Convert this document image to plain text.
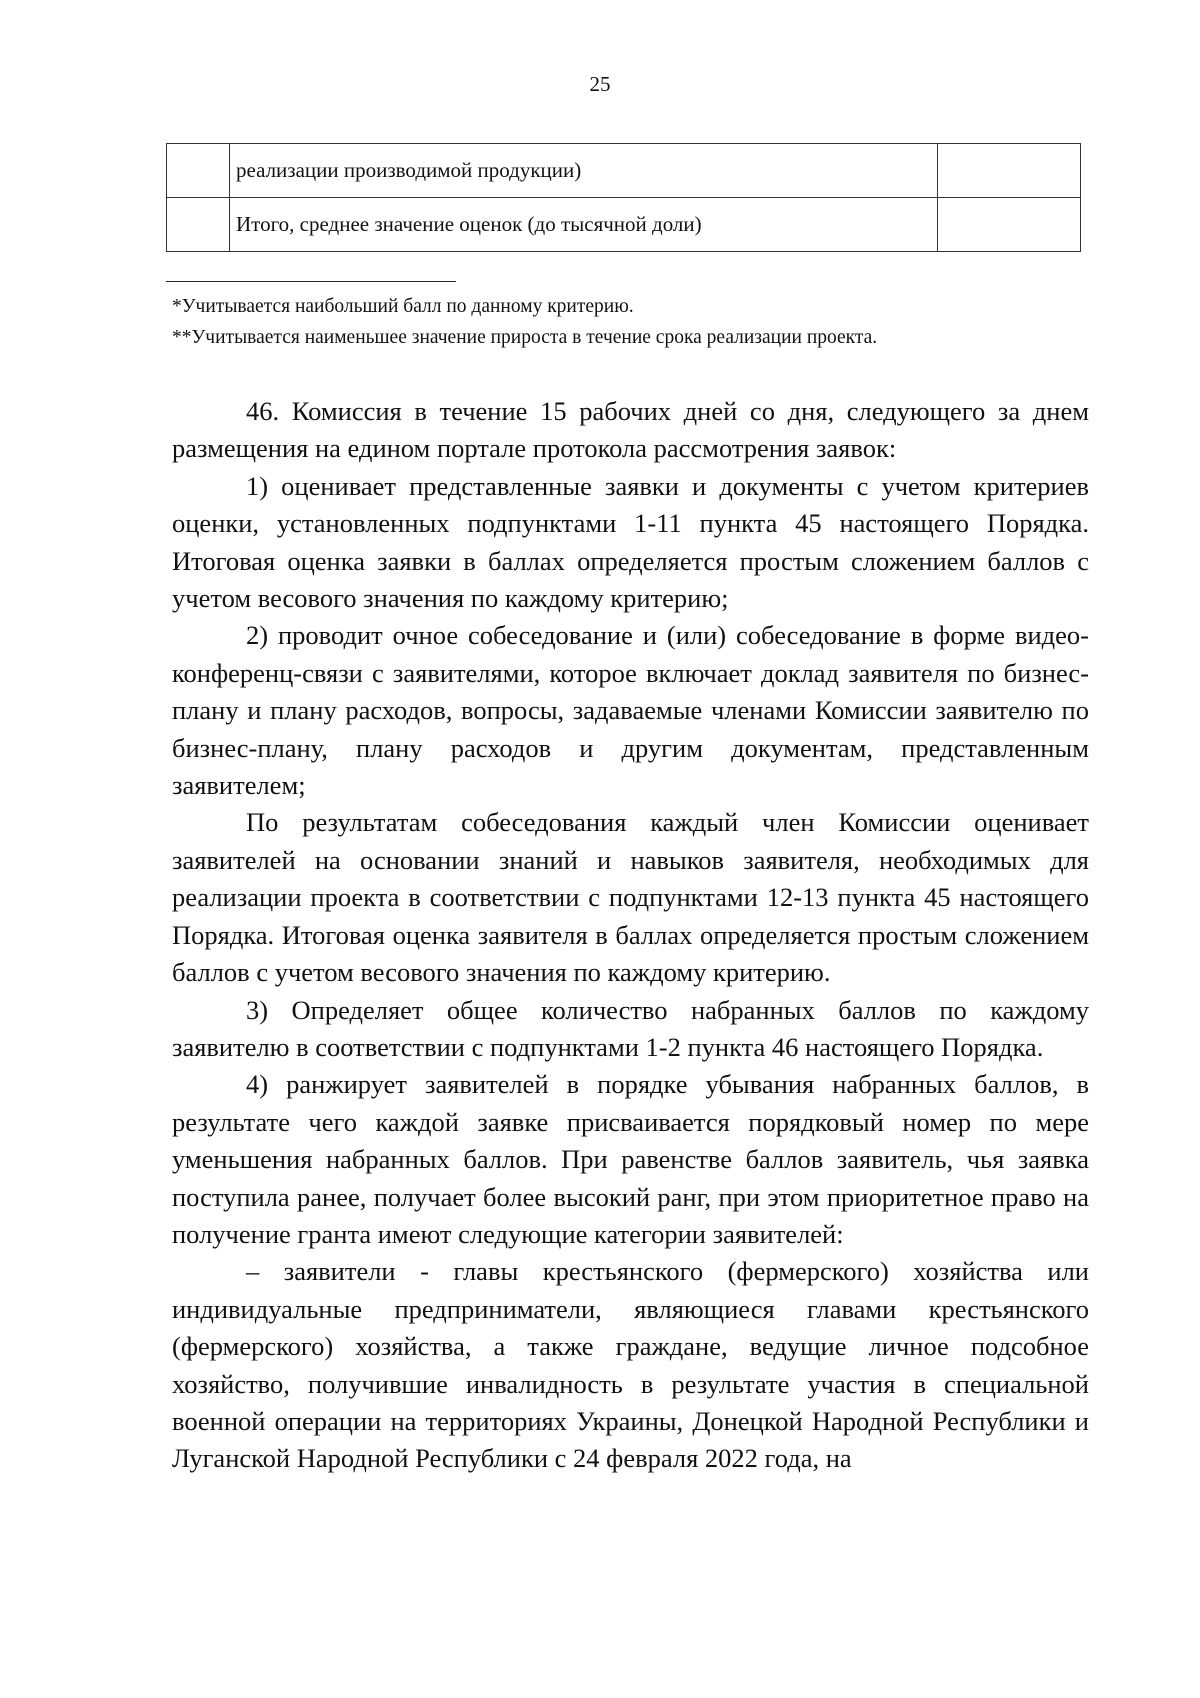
25
	реализации производимой продукции)	
	Итого, среднее значение оценок (до тысячной доли)	
*Учитывается наибольший балл по данному критерию.
**Учитывается наименьшее значение прироста в течение срока реализации проекта.

46. Комиссия в течение 15 рабочих дней со дня, следующего за днем размещения на едином портале протокола рассмотрения заявок:

1) оценивает представленные заявки и документы с учетом критериев оценки, установленных подпунктами 1-11 пункта 45 настоящего Порядка. Итоговая оценка заявки в баллах определяется простым сложением баллов с учетом весового значения по каждому критерию;

2) проводит очное собеседование и (или) собеседование в форме видео-конференц-связи с заявителями, которое включает доклад заявителя по бизнес-плану и плану расходов, вопросы, задаваемые членами Комиссии заявителю по бизнес-плану, плану расходов и другим документам, представленным заявителем;

По результатам собеседования каждый член Комиссии оценивает заявителей на основании знаний и навыков заявителя, необходимых для реализации проекта в соответствии с подпунктами 12-13 пункта 45 настоящего Порядка. Итоговая оценка заявителя в баллах определяется простым сложением баллов с учетом весового значения по каждому критерию.

3) Определяет общее количество набранных баллов по каждому заявителю в соответствии с подпунктами 1-2 пункта 46 настоящего Порядка.

4) ранжирует заявителей в порядке убывания набранных баллов, в результате чего каждой заявке присваивается порядковый номер по мере уменьшения набранных баллов. При равенстве баллов заявитель, чья заявка поступила ранее, получает более высокий ранг, при этом приоритетное право на получение гранта имеют следующие категории заявителей:

– заявители - главы крестьянского (фермерского) хозяйства или индивидуальные предприниматели, являющиеся главами крестьянского (фермерского) хозяйства, а также граждане, ведущие личное подсобное хозяйство, получившие инвалидность в результате участия в специальной военной операции на территориях Украины, Донецкой Народной Республики и Луганской Народной Республики с 24 февраля 2022 года, на
